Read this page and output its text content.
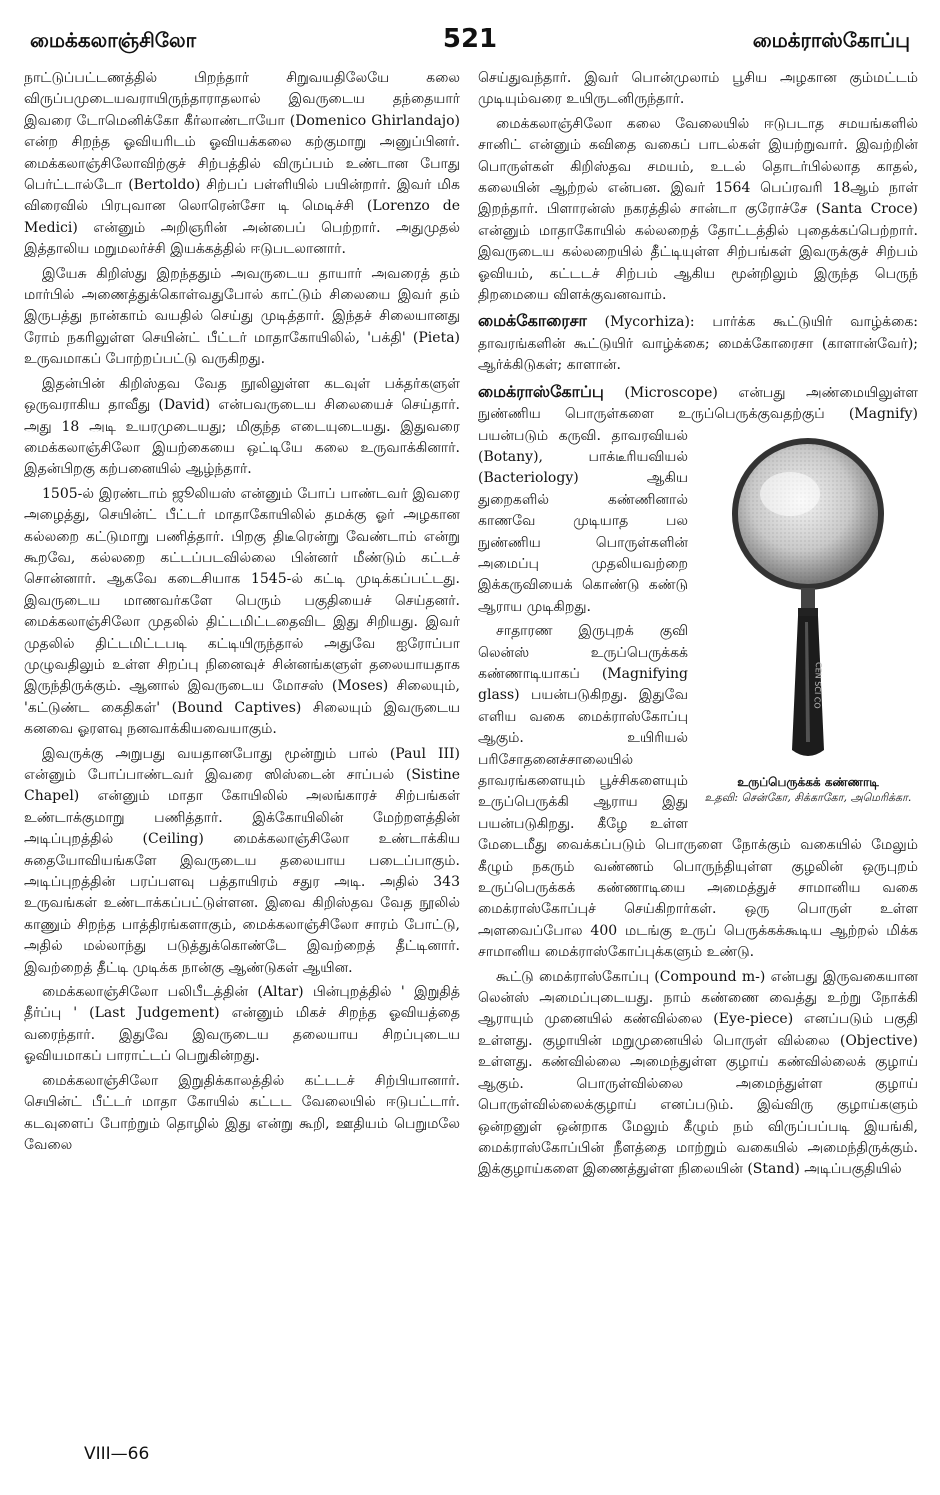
மைக்கலாஞ்சிலோ	521	மைக்ராஸ்கோப்பு

நாட்டுப்பட்டணத்தில் பிறந்தார் சிறுவயதிலேயே கலை விருப்பமுடையவராயிருந்தாராதலால் இவருடைய தந்தையார் இவரை டோமெனிக்கோ கீர்லாண்டாயோ (Domenico Ghirlandajo) என்ற சிறந்த ஓவியரிடம் ஓவியக்கலை கற்குமாறு அனுப்பினர். மைக்கலாஞ்சிலோவிற்குச் சிற்பத்தில் விருப்பம் உண்டான போது பெர்ட்டால்டோ (Bertoldo) சிற்பப் பள்ளியில் பயின்றார். இவர் மிக விரைவில் பிரபுவான லொரென்சோ டி மெடிச்சி (Lorenzo de Medici) என்னும் அறிஞரின் அன்பைப் பெற்றார். அதுமுதல் இத்தாலிய மறுமலர்ச்சி இயக்கத்தில் ஈடுபடலானார்.

இயேசு கிறிஸ்து இறந்ததும் அவருடைய தாயார் அவரைத் தம் மார்பில் அணைத்துக்கொள்வதுபோல் காட்டும் சிலையை இவர் தம் இருபத்து நான்காம் வயதில் செய்து முடித்தார். இந்தச் சிலையானது ரோம் நகரிலுள்ள செயின்ட் பீட்டர் மாதாகோயிலில், 'பக்தி' (Pieta) உருவமாகப் போற்றப்பட்டு வருகிறது.

இதன்பின் கிறிஸ்தவ வேத நூலிலுள்ள கடவுள் பக்தர்களுள் ஒருவராகிய தாவீது (David) என்பவருடைய சிலையைச் செய்தார். அது 18 அடி உயரமுடையது; மிகுந்த எடையுடையது. இதுவரை மைக்கலாஞ்சிலோ இயற்கையை ஒட்டியே கலை உருவாக்கினார். இதன்பிறகு கற்பனையில் ஆழ்ந்தார்.

1505-ல் இரண்டாம் ஜூலியஸ் என்னும் போப் பாண்டவர் இவரை அழைத்து, செயின்ட் பீட்டர் மாதாகோயிலில் தமக்கு ஓர் அழகான கல்லறை கட்டுமாறு பணித்தார். பிறகு திடீரென்று வேண்டாம் என்று கூறவே, கல்லறை கட்டப்படவில்லை பின்னர் மீண்டும் கட்டச் சொன்னார். ஆகவே கடைசியாக 1545-ல் கட்டி முடிக்கப்பட்டது. இவருடைய மாணவர்களே பெரும் பகுதியைச் செய்தனர். மைக்கலாஞ்சிலோ முதலில் திட்டமிட்டதைவிட இது சிறியது. இவர் முதலில் திட்டமிட்டபடி கட்டியிருந்தால் அதுவே ஐரோப்பா முழுவதிலும் உள்ள சிறப்பு நினைவுச் சின்னங்களுள் தலையாயதாக இருந்திருக்கும். ஆனால் இவருடைய மோசஸ் (Moses) சிலையும், 'கட்டுண்ட கைதிகள்' (Bound Captives) சிலையும் இவருடைய கனவை ஓரளவு நனவாக்கியவையாகும்.

இவருக்கு அறுபது வயதானபோது மூன்றும் பால் (Paul III) என்னும் போப்பாண்டவர் இவரை ஸிஸ்டைன் சாப்பல் (Sistine Chapel) என்னும் மாதா கோயிலில் அலங்காரச் சிற்பங்கள் உண்டாக்குமாறு பணித்தார். இக்கோயிலின் மேற்றளத்தின் அடிப்புறத்தில் (Ceiling) மைக்கலாஞ்சிலோ உண்டாக்கிய சுதையோவியங்களே இவருடைய தலையாய படைப்பாகும். அடிப்புறத்தின் பரப்பளவு பத்தாயிரம் சதுர அடி. அதில் 343 உருவங்கள் உண்டாக்கப்பட்டுள்ளன. இவை கிறிஸ்தவ வேத நூலில் காணும் சிறந்த பாத்திரங்களாகும், மைக்கலாஞ்சிலோ சாரம் போட்டு, அதில் மல்லாந்து படுத்துக்கொண்டே இவற்றைத் தீட்டினார். இவற்றைத் தீட்டி முடிக்க நான்கு ஆண்டுகள் ஆயின.

மைக்கலாஞ்சிலோ பலிபீடத்தின் (Altar) பின்புறத்தில் ' இறுதித் தீர்ப்பு ' (Last Judgement) என்னும் மிகச் சிறந்த ஓவியத்தை வரைந்தார். இதுவே இவருடைய தலையாய சிறப்புடைய ஓவியமாகப் பாராட்டப் பெறுகின்றது.

மைக்கலாஞ்சிலோ இறுதிக்காலத்தில் கட்டடச் சிற்பியானார். செயின்ட் பீட்டர் மாதா கோயில் கட்டட வேலையில் ஈடுபட்டார். கடவுளைப் போற்றும் தொழில் இது என்று கூறி, ஊதியம் பெறுமலே வேலை

செய்துவந்தார். இவர் பொன்முலாம் பூசிய அழகான கும்மட்டம் முடியும்வரை உயிருடனிருந்தார்.

மைக்கலாஞ்சிலோ கலை வேலையில் ஈடுபடாத சமயங்களில் சானிட் என்னும் கவிதை வகைப் பாடல்கள் இயற்றுவார். இவற்றின் பொருள்கள் கிறிஸ்தவ சமயம், உடல் தொடர்பில்லாத காதல், கலையின் ஆற்றல் என்பன. இவர் 1564 பெப்ரவரி 18ஆம் நாள் இறந்தார். பிளாரன்ஸ் நகரத்தில் சான்டா குரோச்சே (Santa Croce) என்னும் மாதாகோயில் கல்லறைத் தோட்டத்தில் புதைக்கப்பெற்றார். இவருடைய கல்லறையில் தீட்டியுள்ள சிற்பங்கள் இவருக்குச் சிற்பம் ஓவியம், கட்டடச் சிற்பம் ஆகிய மூன்றிலும் இருந்த பெருந் திறமையை விளக்குவனவாம்.

மைக்கோரைசா (Mycorhiza): பார்க்க கூட்டுயிர் வாழ்க்கை: தாவரங்களின் கூட்டுயிர் வாழ்க்கை; மைக்கோரைசா (காளான்வேர்); ஆர்க்கிடுகள்; காளான்.

மைக்ராஸ்கோப்பு (Microscope) என்பது அண்மையிலுள்ள நுண்ணிய பொருள்களை உருப்பெருக்குவதற்குப் (Magnify) பயன்படும் கருவி.
CEN SCI CO
உருப்பெருக்கக் கண்ணாடி
உதவி: சென்கோ, சிக்காகோ, அமெரிக்கா.
தாவரவியல் (Botany), பாக்டீரியவியல் (Bacteriology) ஆகிய துறைகளில் கண்ணினால் காணவே முடியாத பல நுண்ணிய பொருள்களின் அமைப்பு முதலியவற்றை இக்கருவியைக் கொண்டு கண்டு ஆராய முடிகிறது.

சாதாரண இருபுறக் குவி லென்ஸ் உருப்பெருக்கக் கண்ணாடியாகப் (Magnifying glass) பயன்படுகிறது. இதுவே எளிய வகை மைக்ராஸ்கோப்பு ஆகும். உயிரியல் பரிசோதனைச்சாலையில் தாவரங்களையும் பூச்சிகளையும் உருப்பெருக்கி ஆராய இது பயன்படுகிறது. கீழே உள்ள மேடைமீது வைக்கப்படும் பொருளை நோக்கும் வகையில் மேலும் கீழும் நகரும் வண்ணம் பொருந்தியுள்ள குழலின் ஒருபுறம் உருப்பெருக்கக் கண்ணாடியை அமைத்துச் சாமானிய வகை மைக்ராஸ்கோப்புச் செய்கிறார்கள். ஒரு பொருள் உள்ள அளவைப்போல 400 மடங்கு உருப் பெருக்கக்கூடிய ஆற்றல் மிக்க சாமானிய மைக்ராஸ்கோப்புக்களும் உண்டு.

கூட்டு மைக்ராஸ்கோப்பு (Compound m-) என்பது இருவகையான லென்ஸ் அமைப்புடையது. நாம் கண்ணை வைத்து உற்று நோக்கி ஆராயும் முனையில் கண்வில்லை (Eye-piece) எனப்படும் பகுதி உள்ளது. குழாயின் மறுமுனையில் பொருள் வில்லை (Objective) உள்ளது. கண்வில்லை அமைந்துள்ள குழாய் கண்வில்லைக் குழாய் ஆகும். பொருள்வில்லை அமைந்துள்ள குழாய் பொருள்வில்லைக்குழாய் எனப்படும். இவ்விரு குழாய்களும் ஒன்றனுள் ஒன்றாக மேலும் கீழும் நம் விருப்பப்படி இயங்கி, மைக்ராஸ்கோப்பின் நீளத்தை மாற்றும் வகையில் அமைந்திருக்கும். இக்குழாய்களை இணைத்துள்ள நிலையின் (Stand) அடிப்பகுதியில்

VIII—66
